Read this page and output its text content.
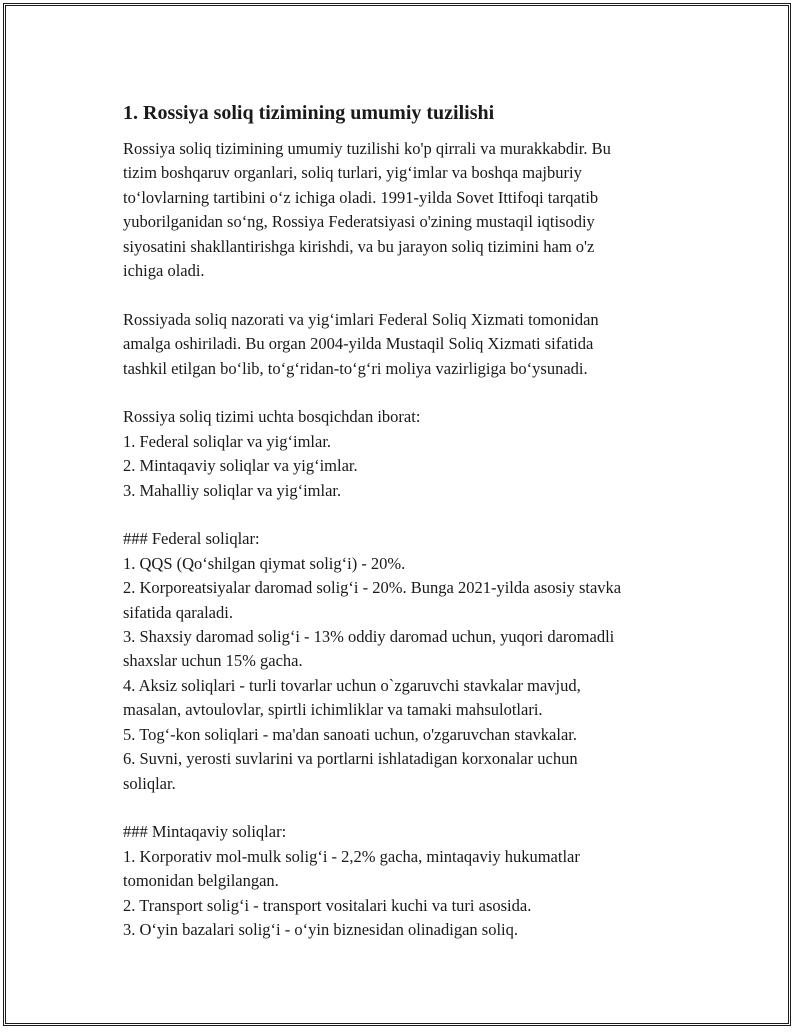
1. Rossiya soliq tizimining umumiy tuzilishi

Rossiya soliq tizimining umumiy tuzilishi ko'p qirrali va murakkabdir. Bu

tizim boshqaruv organlari, soliq turlari, yig‘imlar va boshqa majburiy

to‘lovlarning tartibini o‘z ichiga oladi. 1991-yilda Sovet Ittifoqi tarqatib

yuborilganidan so‘ng, Rossiya Federatsiyasi o'zining mustaqil iqtisodiy

siyosatini shakllantirishga kirishdi, va bu jarayon soliq tizimini ham o'z

ichiga oladi.

Rossiyada soliq nazorati va yig‘imlari Federal Soliq Xizmati tomonidan

amalga oshiriladi. Bu organ 2004-yilda Mustaqil Soliq Xizmati sifatida

tashkil etilgan bo‘lib, to‘g‘ridan-to‘g‘ri moliya vazirligiga bo‘ysunadi.

Rossiya soliq tizimi uchta bosqichdan iborat:

1. Federal soliqlar va yig‘imlar.

2. Mintaqaviy soliqlar va yig‘imlar.

3. Mahalliy soliqlar va yig‘imlar.

### Federal soliqlar:

1. QQS (Qo‘shilgan qiymat solig‘i) - 20%.

2. Korporeatsiyalar daromad solig‘i - 20%. Bunga 2021-yilda asosiy stavka

sifatida qaraladi.

3. Shaxsiy daromad solig‘i - 13% oddiy daromad uchun, yuqori daromadli

shaxslar uchun 15% gacha.

4. Aksiz soliqlari - turli tovarlar uchun o`zgaruvchi stavkalar mavjud,

masalan, avtoulovlar, spirtli ichimliklar va tamaki mahsulotlari.

5. Tog‘-kon soliqlari - ma'dan sanoati uchun, o'zgaruvchan stavkalar.

6. Suvni, yerosti suvlarini va portlarni ishlatadigan korxonalar uchun

soliqlar.

### Mintaqaviy soliqlar:

1. Korporativ mol-mulk solig‘i - 2,2% gacha, mintaqaviy hukumatlar

tomonidan belgilangan.

2. Transport solig‘i - transport vositalari kuchi va turi asosida.

3. O‘yin bazalari solig‘i - o‘yin biznesidan olinadigan soliq.
